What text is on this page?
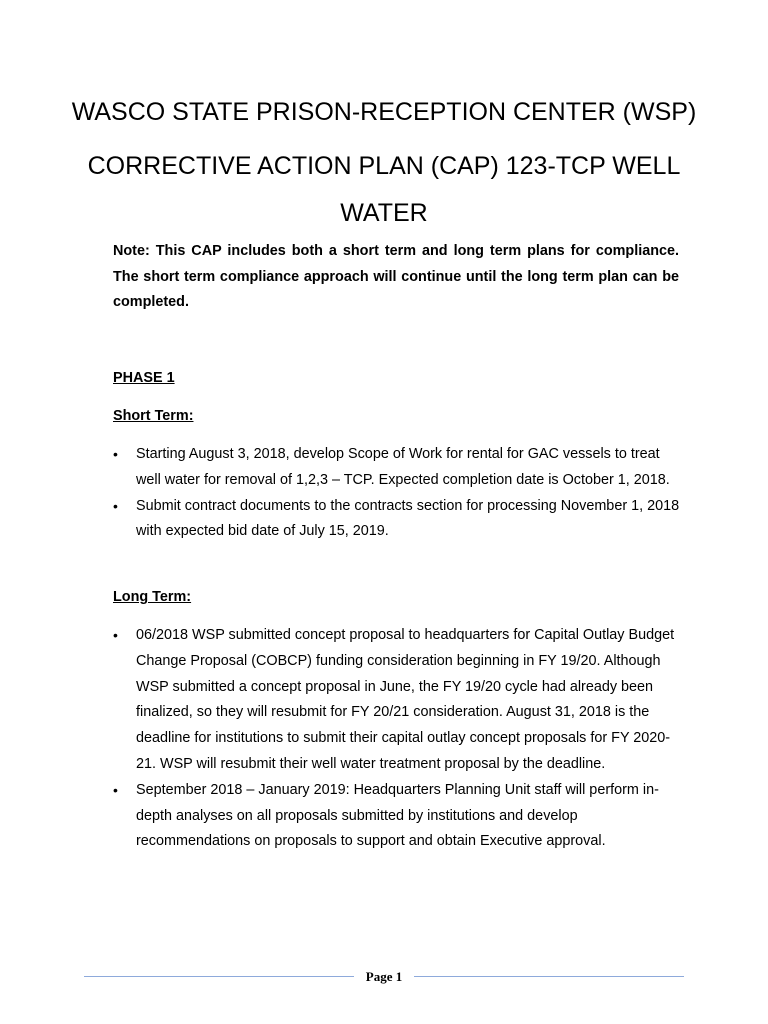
WASCO STATE PRISON-RECEPTION CENTER (WSP)
CORRECTIVE ACTION PLAN (CAP) 123-TCP WELL WATER

Note: This CAP includes both a short term and long term plans for compliance. The short term compliance approach will continue until the long term plan can be completed.

PHASE 1

Short Term:

•	Starting August 3, 2018, develop Scope of Work for rental for GAC vessels to treat well water for removal of 1,2,3 – TCP. Expected completion date is October 1, 2018.
•	Submit contract documents to the contracts section for processing November 1, 2018 with expected bid date of July 15, 2019.

Long Term:

•	06/2018 WSP submitted concept proposal to headquarters for Capital Outlay Budget Change Proposal (COBCP) funding consideration beginning in FY 19/20. Although WSP submitted a concept proposal in June, the FY 19/20 cycle had already been finalized, so they will resubmit for FY 20/21 consideration. August 31, 2018 is the deadline for institutions to submit their capital outlay concept proposals for FY 2020-21. WSP will resubmit their well water treatment proposal by the deadline.
•	September 2018 – January 2019: Headquarters Planning Unit staff will perform in-depth analyses on all proposals submitted by institutions and develop recommendations on proposals to support and obtain Executive approval.
Page 1
